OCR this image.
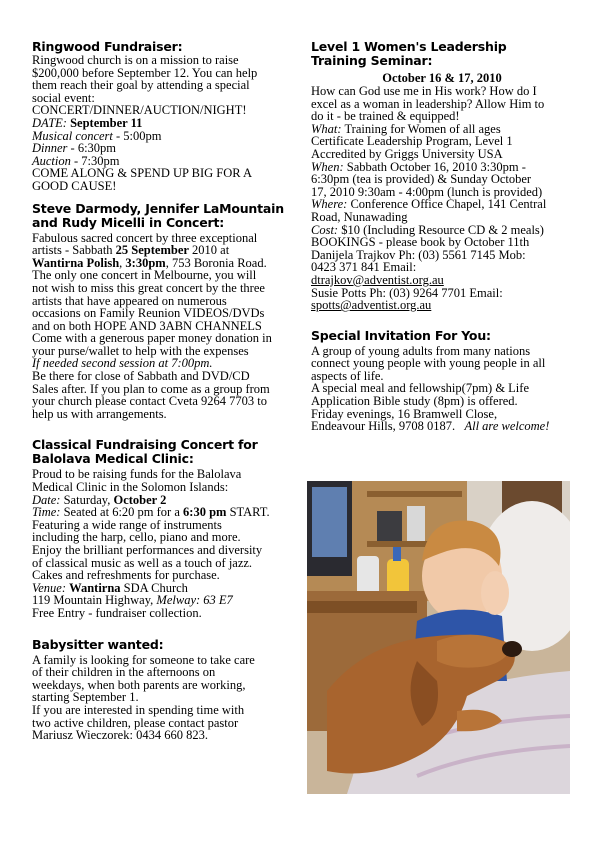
Ringwood Fundraiser:
Ringwood church is on a mission to raise
$200,000 before September 12. You can help
them reach their goal by attending a special
social event:
CONCERT/DINNER/AUCTION/NIGHT!
DATE: September 11
Musical concert - 5:00pm
Dinner - 6:30pm
Auction - 7:30pm
COME ALONG & SPEND UP BIG FOR A
GOOD CAUSE!
Steve Darmody, Jennifer LaMountain
and Rudy Micelli in Concert:
Fabulous sacred concert by three exceptional
artists - Sabbath 25 September 2010 at
Wantirna Polish, 3:30pm, 753 Boronia Road.
The only one concert in Melbourne, you will
not wish to miss this great concert by the three
artists that have appeared on numerous
occasions on Family Reunion VIDEOS/DVDs
and on both HOPE AND 3ABN CHANNELS
Come with a generous paper money donation in
your purse/wallet to help with the expenses
If needed second session at 7:00pm.
Be there for close of Sabbath and DVD/CD
Sales after. If you plan to come as a group from
your church please contact Cveta 9264 7703 to
help us with arrangements.
Classical Fundraising Concert for
Balolava Medical Clinic:
Proud to be raising funds for the Balolava
Medical Clinic in the Solomon Islands:
Date: Saturday, October 2
Time: Seated at 6:20 pm for a 6:30 pm START.
Featuring a wide range of instruments
including the harp, cello, piano and more.
Enjoy the brilliant performances and diversity
of classical music as well as a touch of jazz.
Cakes and refreshments for purchase.
Venue: Wantirna SDA Church
119 Mountain Highway, Melway: 63 E7
Free Entry - fundraiser collection.
Babysitter wanted:
A family is looking for someone to take care
of their children in the afternoons on
weekdays, when both parents are working,
starting September 1.
If you are interested in spending time with
two active children, please contact pastor
Mariusz Wieczorek: 0434 660 823.
Level 1 Women's Leadership
Training Seminar:
October 16 & 17, 2010
How can God use me in His work? How do I
excel as a woman in leadership? Allow Him to
do it - be trained & equipped!
What: Training for Women of all ages
Certificate Leadership Program, Level 1
Accredited by Griggs University USA
When: Sabbath October 16, 2010 3:30pm -
6:30pm (tea is provided) & Sunday October
17, 2010 9:30am - 4:00pm (lunch is provided)
Where: Conference Office Chapel, 141 Central
Road, Nunawading
Cost: $10 (Including Resource CD & 2 meals)
BOOKINGS - please book by October 11th
Danijela Trajkov Ph: (03) 5561 7145 Mob:
0423 371 841 Email:
dtrajkov@adventist.org.au
Susie Potts Ph: (03) 9264 7701 Email:
spotts@adventist.org.au
Special Invitation For You:
A group of young adults from many nations
connect young people with young people in all
aspects of life.
A special meal and fellowship(7pm) & Life
Application Bible study (8pm) is offered.
Friday evenings, 16 Bramwell Close,
Endeavour Hills, 9708 0187. All are welcome!
